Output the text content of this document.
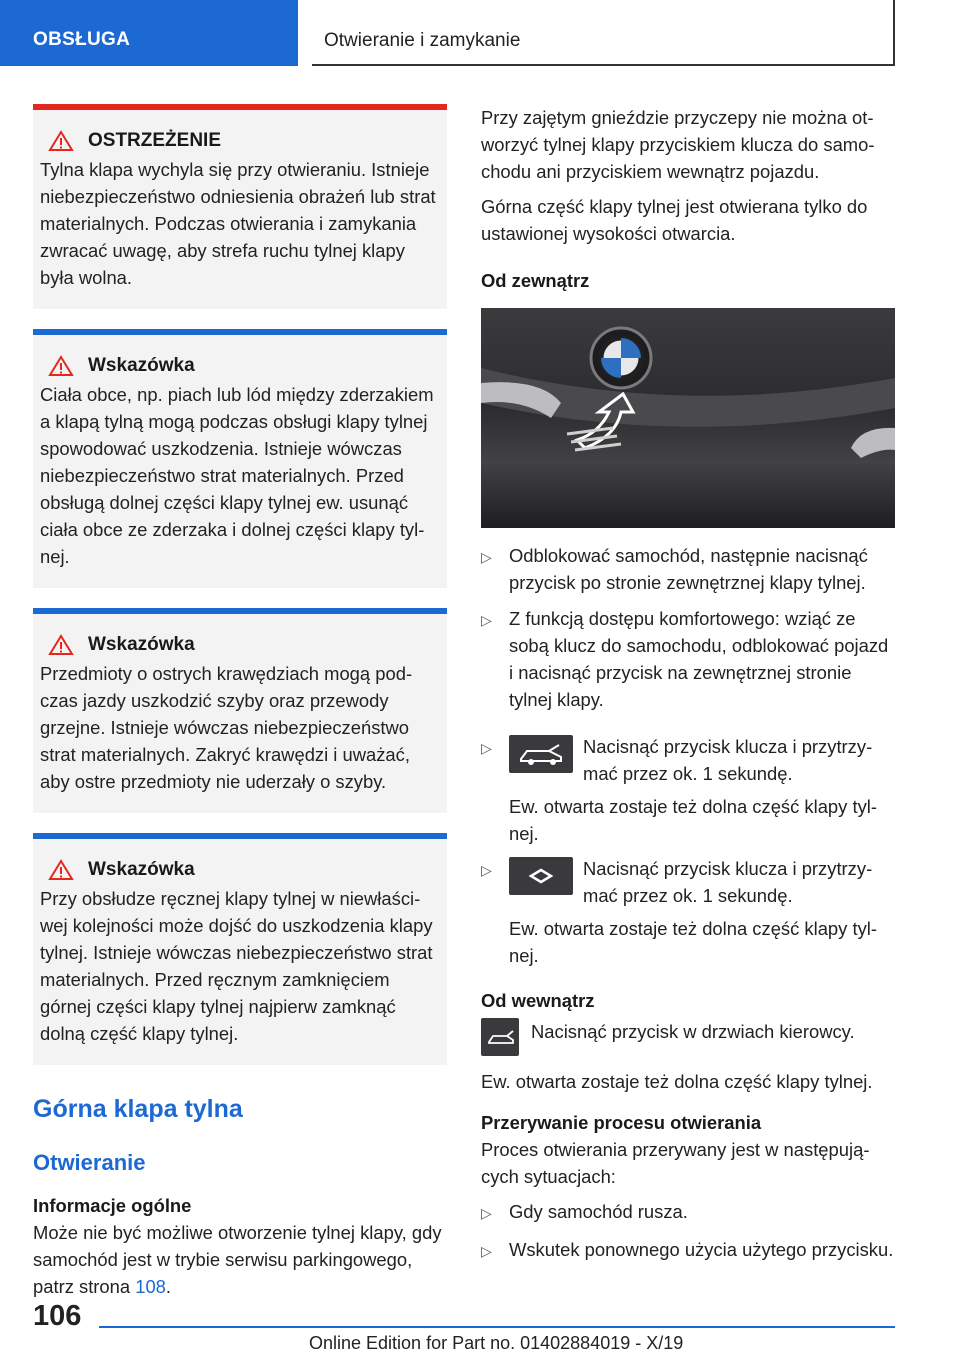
OBSŁUGA	Otwieranie i zamykanie
OSTRZEŻENIE
Tylna klapa wychyla się przy otwieraniu. Istnieje niebezpieczeństwo odniesienia obrażeń lub strat materialnych. Podczas otwierania i zamykania zwracać uwagę, aby strefa ruchu tylnej klapy była wolna.
Wskazówka
Ciała obce, np. piach lub lód między zderzakiem a klapą tylną mogą podczas obsługi klapy tylnej spowodować uszkodzenia. Istnieje wówczas niebezpieczeństwo strat materialnych. Przed obsługą dolnej części klapy tylnej ew. usunąć ciała obce ze zderzaka i dolnej części klapy tylnej.
Wskazówka
Przedmioty o ostrych krawędziach mogą podczas jazdy uszkodzić szyby oraz przewody grzejne. Istnieje wówczas niebezpieczeństwo strat materialnych. Zakryć krawędzi i uważać, aby ostre przedmioty nie uderzały o szyby.
Wskazówka
Przy obsłudze ręcznej klapy tylnej w niewłaściwej kolejności może dojść do uszkodzenia klapy tylnej. Istnieje wówczas niebezpieczeństwo strat materialnych. Przed ręcznym zamknięciem górnej części klapy tylnej najpierw zamknąć dolną część klapy tylnej.
Górna klapa tylna
Otwieranie
Informacje ogólne

Może nie być możliwe otworzenie tylnej klapy, gdy samochód jest w trybie serwisu parkingowego, patrz strona 108.

Przy zajętym gnieździe przyczepy nie można otworzyć tylnej klapy przyciskiem klucza do samochodu ani przyciskiem wewnątrz pojazdu.

Górna część klapy tylnej jest otwierana tylko do ustawionej wysokości otwarcia.

Od zewnątrz
▷ Odblokować samochód, następnie nacisnąć przycisk po stronie zewnętrznej klapy tylnej.
▷ Z funkcją dostępu komfortowego: wziąć ze sobą klucz do samochodu, odblokować pojazd i nacisnąć przycisk na zewnętrznej stronie tylnej klapy.
▷	Nacisnąć przycisk klucza i przytrzymać przez ok. 1 sekundę.

Ew. otwarta zostaje też dolna część klapy tylnej.

▷	Nacisnąć przycisk klucza i przytrzymać przez ok. 1 sekundę.

Ew. otwarta zostaje też dolna część klapy tylnej.

Od wewnątrz
Nacisnąć przycisk w drzwiach kierowcy.

Ew. otwarta zostaje też dolna część klapy tylnej.

Przerywanie procesu otwierania

Proces otwierania przerywany jest w następujących sytuacjach:

▷ Gdy samochód rusza.
▷ Wskutek ponownego użycia użytego przycisku.
106
Online Edition for Part no. 01402884019 - X/19
